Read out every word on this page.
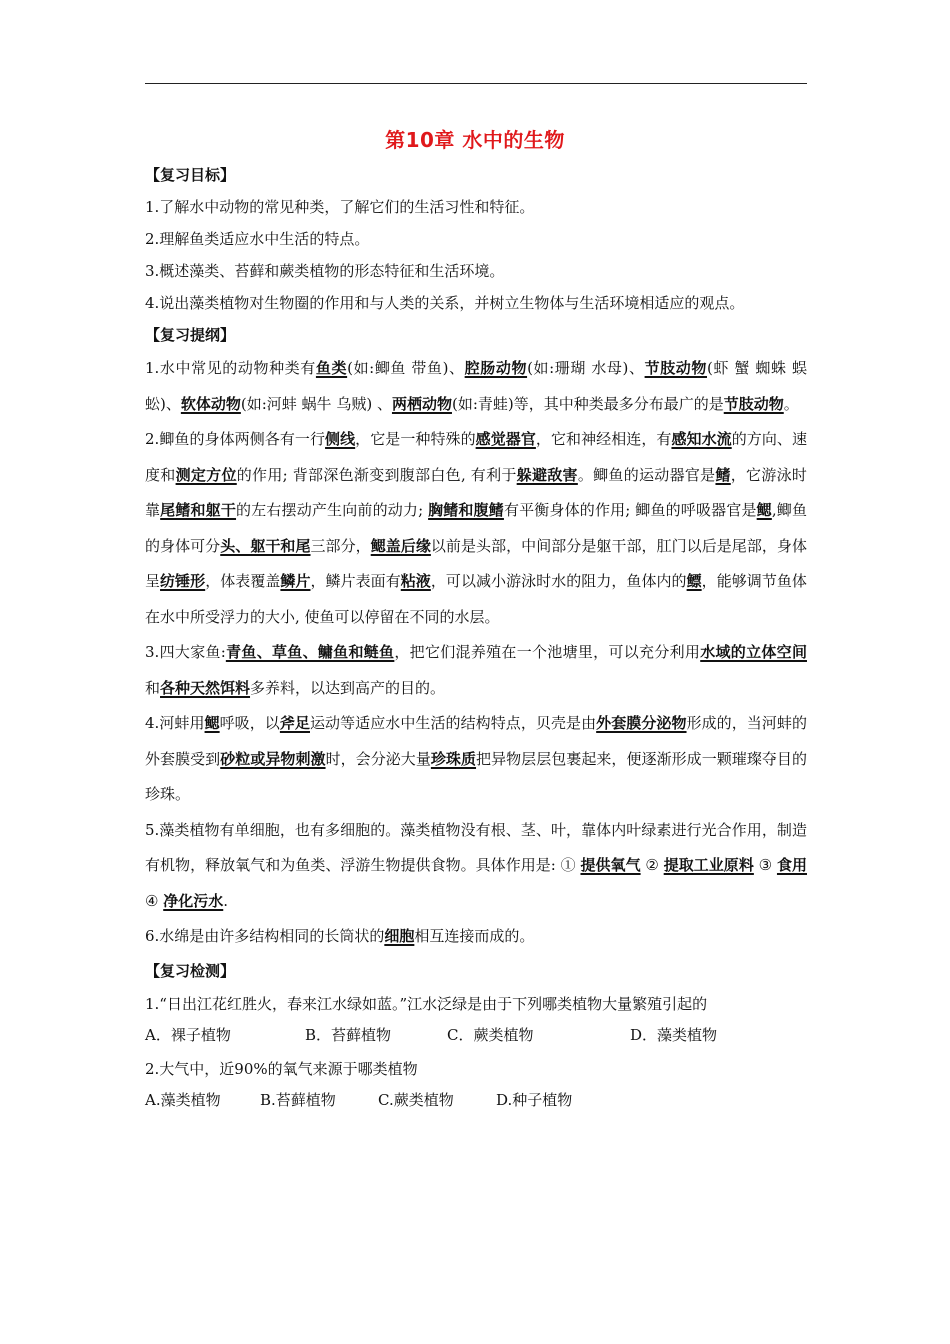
第10章 水中的生物
【复习目标】
1.了解水中动物的常见种类，了解它们的生活习性和特征。
2.理解鱼类适应水中生活的特点。
3.概述藻类、苔藓和蕨类植物的形态特征和生活环境。
4.说出藻类植物对生物圈的作用和与人类的关系，并树立生物体与生活环境相适应的观点。
【复习提纲】
1.水中常见的动物种类有鱼类(如:鲫鱼 带鱼)、腔肠动物(如:珊瑚 水母)、节肢动物(虾 蟹 蜘蛛 蜈蚣)、软体动物(如:河蚌 蜗牛 乌贼) 、两栖动物(如:青蛙)等，其中种类最多分布最广的是节肢动物。
2.鲫鱼的身体两侧各有一行侧线，它是一种特殊的感觉器官，它和神经相连，有感知水流的方向、速度和测定方位的作用; 背部深色渐变到腹部白色, 有利于躲避敌害。鲫鱼的运动器官是鳍，它游泳时靠尾鳍和躯干的左右摆动产生向前的动力; 胸鳍和腹鳍有平衡身体的作用; 鲫鱼的呼吸器官是鳃,鲫鱼的身体可分头、躯干和尾三部分，鳃盖后缘以前是头部，中间部分是躯干部，肛门以后是尾部，身体呈纺锤形，体表覆盖鳞片，鳞片表面有粘液，可以减小游泳时水的阻力，鱼体内的鳔，能够调节鱼体在水中所受浮力的大小, 使鱼可以停留在不同的水层。
3.四大家鱼:青鱼、草鱼、鳙鱼和鲢鱼，把它们混养殖在一个池塘里，可以充分利用水域的立体空间和各种天然饵料多养料，以达到高产的目的。
4.河蚌用鳃呼吸，以斧足运动等适应水中生活的结构特点，贝壳是由外套膜分泌物形成的，当河蚌的外套膜受到砂粒或异物刺激时，会分泌大量珍珠质把异物层层包裹起来，便逐渐形成一颗璀璨夺目的珍珠。
5.藻类植物有单细胞，也有多细胞的。藻类植物没有根、茎、叶，靠体内叶绿素进行光合作用，制造有机物，释放氧气和为鱼类、浮游生物提供食物。具体作用是: ① 提供氧气 ② 提取工业原料 ③ 食用 ④ 净化污水.
6.水绵是由许多结构相同的长筒状的细胞相互连接而成的。
【复习检测】
1.“日出江花红胜火，春来江水绿如蓝。”江水泛绿是由于下列哪类植物大量繁殖引起的
A．裸子植物	B．苔藓植物	C．蕨类植物	D．藻类植物
2.大气中，近90%的氧气来源于哪类植物
A.藻类植物	B.苔藓植物	C.蕨类植物	D.种子植物
